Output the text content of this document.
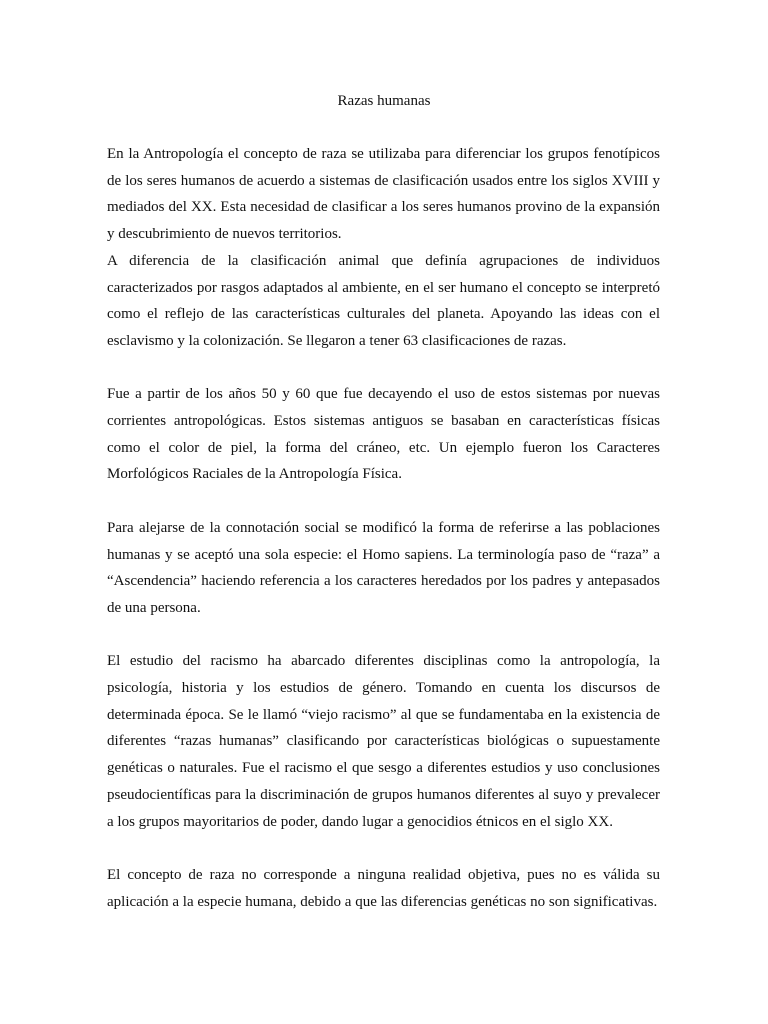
Razas humanas

En la Antropología el concepto de raza se utilizaba para diferenciar los grupos fenotípicos de los seres humanos de acuerdo a sistemas de clasificación usados entre los siglos XVIII y mediados del XX. Esta necesidad de clasificar a los seres humanos provino de la expansión y descubrimiento de nuevos territorios.

A diferencia de la clasificación animal que definía agrupaciones de individuos caracterizados por rasgos adaptados al ambiente, en el ser humano el concepto se interpretó como el reflejo de las características culturales del planeta. Apoyando las ideas con el esclavismo y la colonización. Se llegaron a tener 63 clasificaciones de razas.

Fue a partir de los años 50 y 60 que fue decayendo el uso de estos sistemas por nuevas corrientes antropológicas. Estos sistemas antiguos se basaban en características físicas como el color de piel, la forma del cráneo, etc. Un ejemplo fueron los Caracteres Morfológicos Raciales de la Antropología Física.

Para alejarse de la connotación social se modificó la forma de referirse a las poblaciones humanas y se aceptó una sola especie: el Homo sapiens. La terminología paso de “raza” a “Ascendencia” haciendo referencia a los caracteres heredados por los padres y antepasados de una persona.

El estudio del racismo ha abarcado diferentes disciplinas como la antropología, la psicología, historia y los estudios de género. Tomando en cuenta los discursos de determinada época. Se le llamó “viejo racismo” al que se fundamentaba en la existencia de diferentes “razas humanas” clasificando por características biológicas o supuestamente genéticas o naturales. Fue el racismo el que sesgo a diferentes estudios y uso conclusiones pseudocientíficas para la discriminación de grupos humanos diferentes al suyo y prevalecer a los grupos mayoritarios de poder, dando lugar a genocidios étnicos en el siglo XX.

El concepto de raza no corresponde a ninguna realidad objetiva, pues no es válida su aplicación a la especie humana, debido a que las diferencias genéticas no son significativas.
